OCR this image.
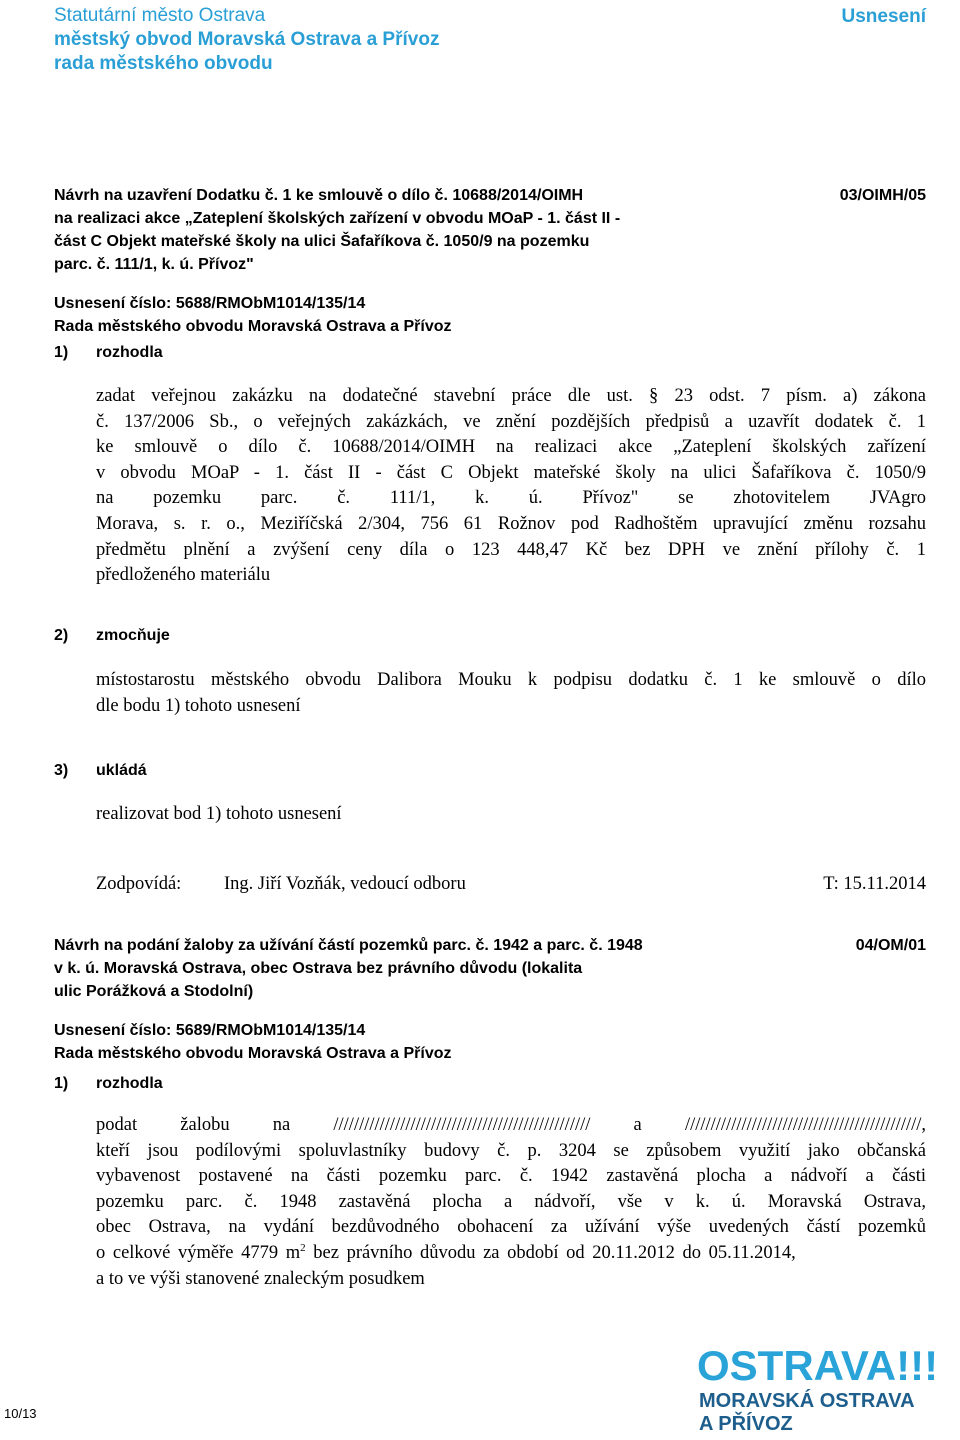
Statutární město Ostrava
městský obvod Moravská Ostrava a Přívoz
rada městského obvodu
Usnesení
Návrh na uzavření Dodatku č. 1 ke smlouvě o dílo č. 10688/2014/OIMH
na realizaci akce „Zateplení školských zařízení v obvodu MOaP - 1. část II -
část C Objekt mateřské školy na ulici Šafaříkova č. 1050/9 na pozemku
parc. č. 111/1, k. ú. Přívoz"
03/OIMH/05
Usnesení číslo: 5688/RMObM1014/135/14
Rada městského obvodu Moravská Ostrava a Přívoz
1) rozhodla
zadat veřejnou zakázku na dodatečné stavební práce dle ust. § 23 odst. 7 písm. a) zákona
č. 137/2006 Sb., o veřejných zakázkách, ve znění pozdějších předpisů a uzavřít dodatek č. 1
ke smlouvě o dílo č. 10688/2014/OIMH na realizaci akce „Zateplení školských zařízení
v obvodu MOaP - 1. část II - část C Objekt mateřské školy na ulici Šafaříkova č. 1050/9
na pozemku parc. č. 111/1, k. ú. Přívoz" se zhotovitelem JVAgro
Morava, s. r. o., Meziříčská 2/304, 756 61 Rožnov pod Radhoštěm upravující změnu rozsahu
předmětu plnění a zvýšení ceny díla o 123 448,47 Kč bez DPH ve znění přílohy č. 1
předloženého materiálu
2) zmocňuje
místostarostu městského obvodu Dalibora Mouku k podpisu dodatku č. 1 ke smlouvě o dílo
dle bodu 1) tohoto usnesení
3) ukládá
realizovat bod 1) tohoto usnesení
Zodpovídá: Ing. Jiří Vozňák, vedoucí odboru	T: 15.11.2014
Návrh na podání žaloby za užívání částí pozemků parc. č. 1942 a parc. č. 1948
v k. ú. Moravská Ostrava, obec Ostrava bez právního důvodu (lokalita
ulic Porážková a Stodolní)
04/OM/01
Usnesení číslo: 5689/RMObM1014/135/14
Rada městského obvodu Moravská Ostrava a Přívoz
1) rozhodla
podat žalobu na ////////////////////////////////////////////////// a //////////////////////////////////////////////,
kteří jsou podílovými spoluvlastníky budovy č. p. 3204 se způsobem využití jako občanská
vybavenost postavené na části pozemku parc. č. 1942 zastavěná plocha a nádvoří a části
pozemku parc. č. 1948 zastavěná plocha a nádvoří, vše v k. ú. Moravská Ostrava,
obec Ostrava, na vydání bezdůvodného obohacení za užívání výše uvedených částí pozemků
o celkové výměře 4779 $m^2$ bez právního důvodu za období od 20.11.2012 do 05.11.2014,
a to ve výši stanovené znaleckým posudkem
10/13
OSTRAVA!!!
MORAVSKÁ OSTRAVA
A PŘÍVOZ
